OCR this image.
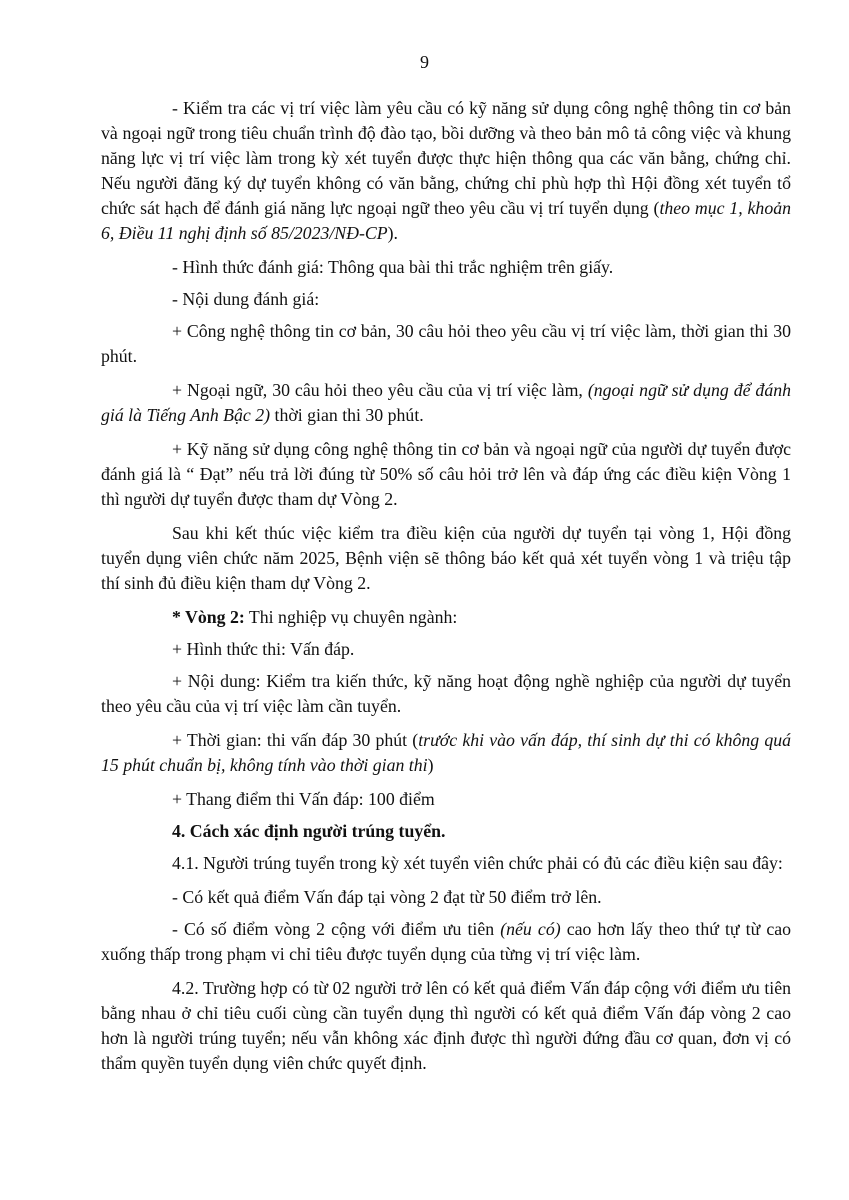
9

- Kiểm tra các vị trí việc làm yêu cầu có kỹ năng sử dụng công nghệ thông tin cơ bản và ngoại ngữ trong tiêu chuẩn trình độ đào tạo, bồi dưỡng và theo bản mô tả công việc và khung năng lực vị trí việc làm trong kỳ xét tuyển được thực hiện thông qua các văn bằng, chứng chỉ. Nếu người đăng ký dự tuyển không có văn bằng, chứng chỉ phù hợp thì Hội đồng xét tuyển tổ chức sát hạch để đánh giá năng lực ngoại ngữ theo yêu cầu vị trí tuyển dụng (theo mục 1, khoản 6, Điều 11 nghị định số 85/2023/NĐ-CP).

- Hình thức đánh giá: Thông qua bài thi trắc nghiệm trên giấy.

- Nội dung đánh giá:

+ Công nghệ thông tin cơ bản, 30 câu hỏi theo yêu cầu vị trí việc làm, thời gian thi 30 phút.

+ Ngoại ngữ, 30 câu hỏi theo yêu cầu của vị trí việc làm, (ngoại ngữ sử dụng để đánh giá là Tiếng Anh Bậc 2) thời gian thi 30 phút.

+ Kỹ năng sử dụng công nghệ thông tin cơ bản và ngoại ngữ của người dự tuyển được đánh giá là “ Đạt” nếu trả lời đúng từ 50% số câu hỏi trở lên và đáp ứng các điều kiện Vòng 1 thì người dự tuyển được tham dự Vòng 2.

Sau khi kết thúc việc kiểm tra điều kiện của người dự tuyển tại vòng 1, Hội đồng tuyển dụng viên chức năm 2025, Bệnh viện sẽ thông báo kết quả xét tuyển vòng 1 và triệu tập thí sinh đủ điều kiện tham dự Vòng 2.

* Vòng 2: Thi nghiệp vụ chuyên ngành:

+ Hình thức thi: Vấn đáp.

+ Nội dung: Kiểm tra kiến thức, kỹ năng hoạt động nghề nghiệp của người dự tuyển theo yêu cầu của vị trí việc làm cần tuyển.

+ Thời gian: thi vấn đáp 30 phút (trước khi vào vấn đáp, thí sinh dự thi có không quá 15 phút chuẩn bị, không tính vào thời gian thi)

+ Thang điểm thi Vấn đáp: 100 điểm

4. Cách xác định người trúng tuyển.

4.1. Người trúng tuyển trong kỳ xét tuyển viên chức phải có đủ các điều kiện sau đây:

- Có kết quả điểm Vấn đáp tại vòng 2 đạt từ 50 điểm trở lên.

- Có số điểm vòng 2 cộng với điểm ưu tiên (nếu có) cao hơn lấy theo thứ tự từ cao xuống thấp trong phạm vi chỉ tiêu được tuyển dụng của từng vị trí việc làm.

4.2. Trường hợp có từ 02 người trở lên có kết quả điểm Vấn đáp cộng với điểm ưu tiên bằng nhau ở chỉ tiêu cuối cùng cần tuyển dụng thì người có kết quả điểm Vấn đáp vòng 2 cao hơn là người trúng tuyển; nếu vẫn không xác định được thì người đứng đầu cơ quan, đơn vị có thẩm quyền tuyển dụng viên chức quyết định.
